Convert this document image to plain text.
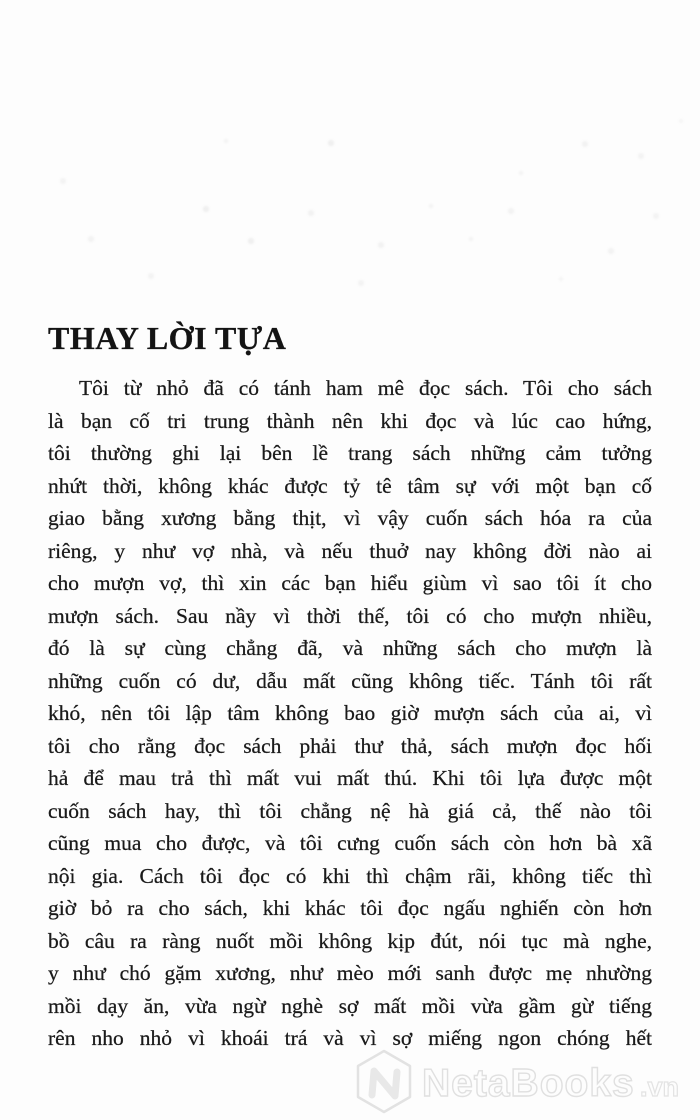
THAY LỜI TỰA
Tôi từ nhỏ đã có tánh ham mê đọc sách. Tôi cho sách
là bạn cố tri trung thành nên khi đọc và lúc cao hứng,
tôi thường ghi lại bên lề trang sách những cảm tưởng
nhứt thời, không khác được tỷ tê tâm sự với một bạn cố
giao bằng xương bằng thịt, vì vậy cuốn sách hóa ra của
riêng, y như vợ nhà, và nếu thuở nay không đời nào ai
cho mượn vợ, thì xin các bạn hiểu giùm vì sao tôi ít cho
mượn sách. Sau nầy vì thời thế, tôi có cho mượn nhiều,
đó là sự cùng chẳng đã, và những sách cho mượn là
những cuốn có dư, dẫu mất cũng không tiếc. Tánh tôi rất
khó, nên tôi lập tâm không bao giờ mượn sách của ai, vì
tôi cho rằng đọc sách phải thư thả, sách mượn đọc hối
hả để mau trả thì mất vui mất thú. Khi tôi lựa được một
cuốn sách hay, thì tôi chẳng nệ hà giá cả, thế nào tôi
cũng mua cho được, và tôi cưng cuốn sách còn hơn bà xã
nội gia. Cách tôi đọc có khi thì chậm rãi, không tiếc thì
giờ bỏ ra cho sách, khi khác tôi đọc ngấu nghiến còn hơn
bồ câu ra ràng nuốt mồi không kịp đút, nói tục mà nghe,
y như chó gặm xương, như mèo mới sanh được mẹ nhường
mồi dạy ăn, vừa ngừ nghè sợ mất mồi vừa gầm gừ tiếng
rên nho nhỏ vì khoái trá và vì sợ miếng ngon chóng hết
NetaBooks .vn
